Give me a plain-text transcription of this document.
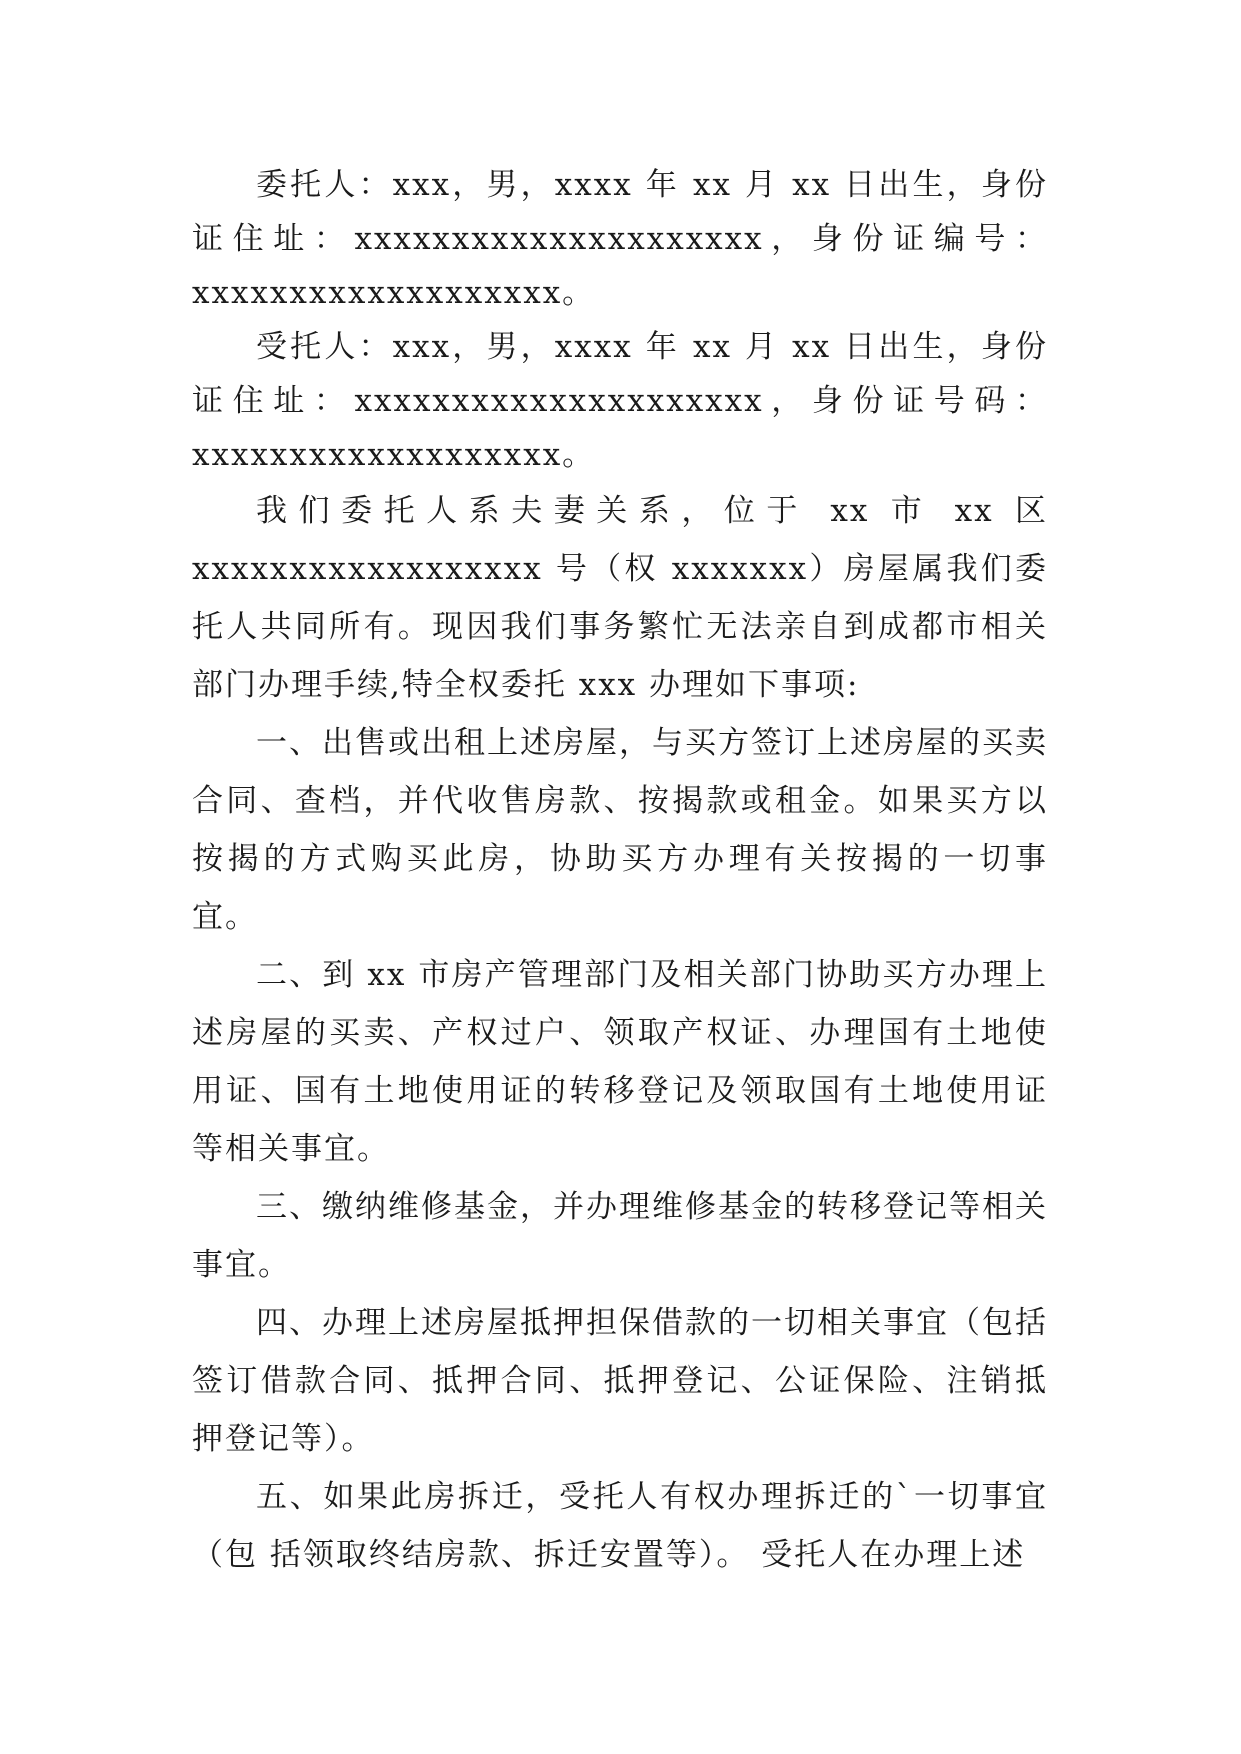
委托人：xxx，男，xxxx 年 xx 月 xx 日出生，身份证住址：xxxxxxxxxxxxxxxxxxxxx，身份证编号：xxxxxxxxxxxxxxxxxxx。

受托人：xxx，男，xxxx 年 xx 月 xx 日出生，身份证住址：xxxxxxxxxxxxxxxxxxxxx，身份证号码：xxxxxxxxxxxxxxxxxxx。

我们委托人系夫妻关系，位于 xx 市 xx 区 xxxxxxxxxxxxxxxxxx 号（权 xxxxxxx）房屋属我们委托人共同所有。现因我们事务繁忙无法亲自到成都市相关部门办理手续,特全权委托 xxx 办理如下事项:

一、出售或出租上述房屋，与买方签订上述房屋的买卖合同、查档，并代收售房款、按揭款或租金。如果买方以按揭的方式购买此房，协助买方办理有关按揭的一切事宜。

二、到 xx 市房产管理部门及相关部门协助买方办理上述房屋的买卖、产权过户、领取产权证、办理国有土地使用证、国有土地使用证的转移登记及领取国有土地使用证等相关事宜。

三、缴纳维修基金，并办理维修基金的转移登记等相关事宜。

四、办理上述房屋抵押担保借款的一切相关事宜（包括签订借款合同、抵押合同、抵押登记、公证保险、注销抵押登记等）。

五、如果此房拆迁，受托人有权办理拆迁的`一切事宜（包 括领取终结房款、拆迁安置等）。 受托人在办理上述
